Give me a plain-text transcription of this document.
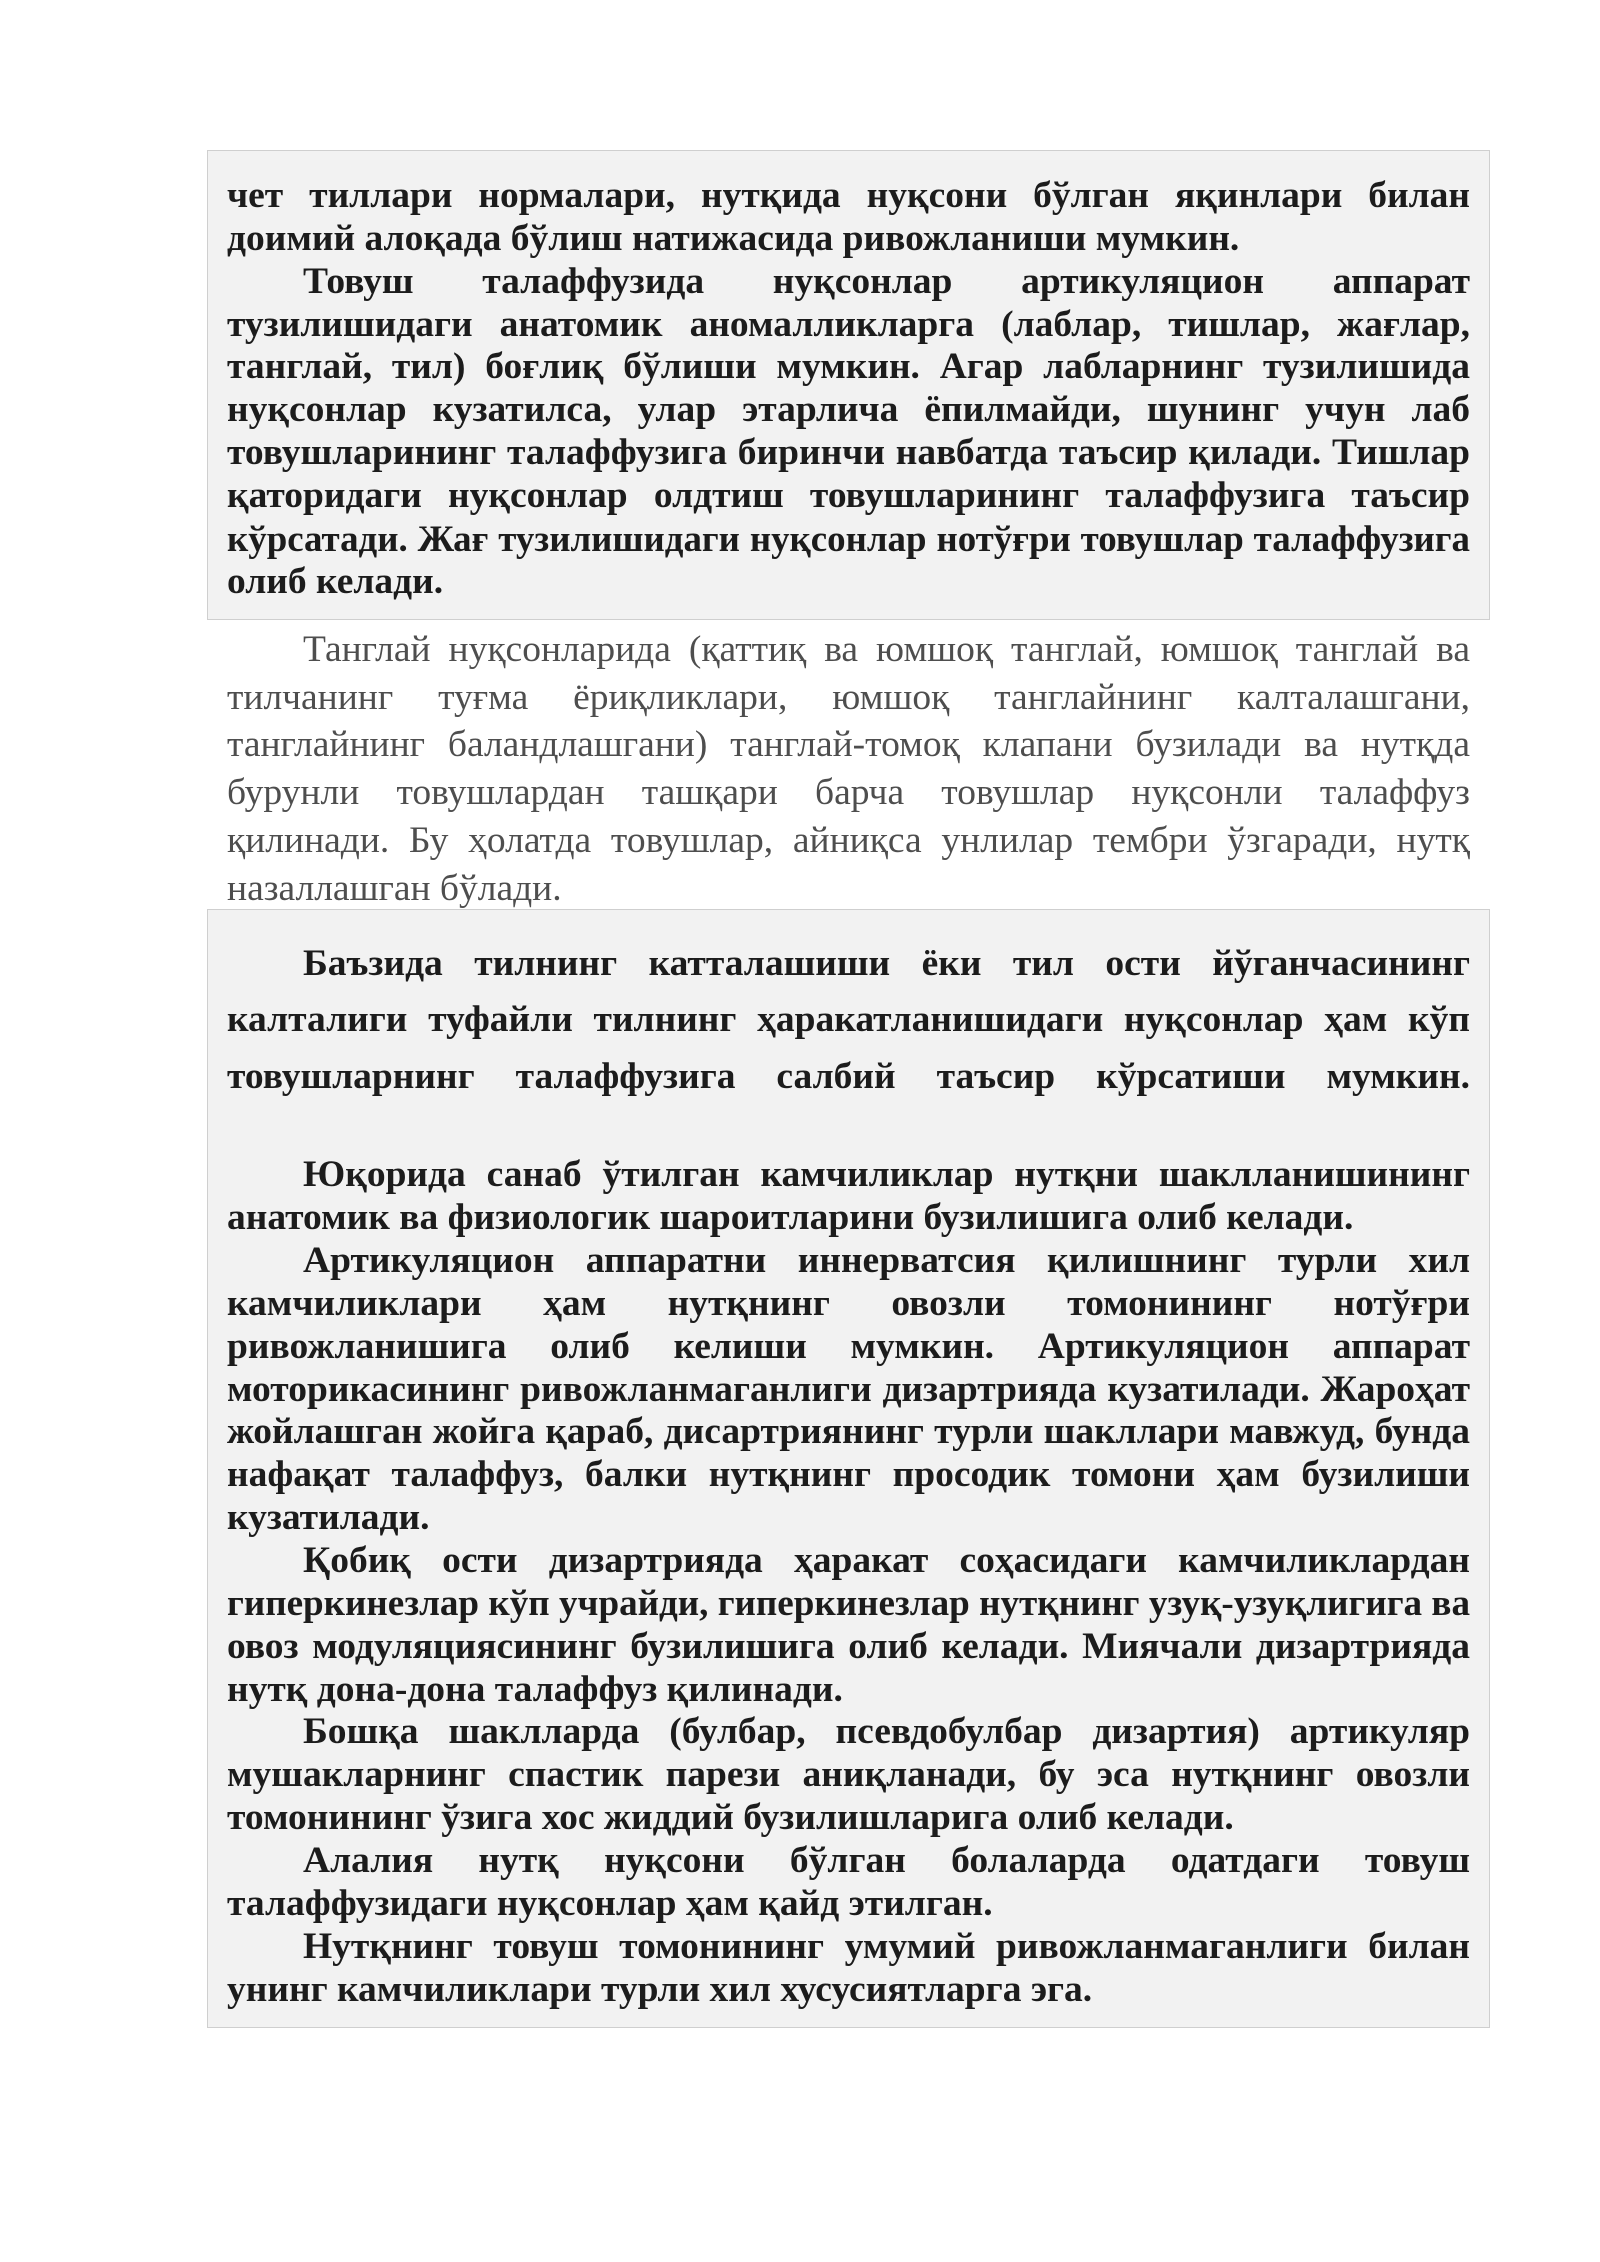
чет тиллари нормалари, нутқида нуқсони бўлган яқинлари билан
доимий алоқада бўлиш натижасида ривожланиши мумкин.
Товуш талаффузида нуқсонлар артикуляцион аппарат
тузилишидаги анатомик аномалликларга (лаблар, тишлар, жағлар,
танглай, тил) боғлиқ бўлиши мумкин. Агар лабларнинг тузилишида
нуқсонлар кузатилса, улар этарлича ёпилмайди, шунинг учун лаб
товушларининг талаффузига биринчи навбатда таъсир қилади. Тишлар
қаторидаги нуқсонлар олдтиш товушларининг талаффузига таъсир
кўрсатади. Жағ тузилишидаги нуқсонлар нотўғри товушлар талаффузига
олиб келади.
Танглай нуқсонларида (қаттиқ ва юмшоқ танглай, юмшоқ танглай ва
тилчанинг туғма ёриқликлари, юмшоқ танглайнинг калталашгани,
танглайнинг баландлашгани) танглай-томоқ клапани бузилади ва нутқда
бурунли товушлардан ташқари барча товушлар нуқсонли талаффуз
қилинади. Бу ҳолатда товушлар, айниқса унлилар тембри ўзгаради, нутқ
назаллашган бўлади.
Баъзида тилнинг катталашиши ёки тил ости йўганчасининг
калталиги туфайли тилнинг ҳаракатланишидаги нуқсонлар ҳам кўп
товушларнинг талаффузига салбий таъсир кўрсатиши мумкин.
Юқорида санаб ўтилган камчиликлар нутқни шаклланишининг
анатомик ва физиологик шароитларини бузилишига олиб келади.
Артикуляцион аппаратни иннерватсия қилишнинг турли хил
камчиликлари ҳам нутқнинг овозли томонининг нотўғри
ривожланишига олиб келиши мумкин. Артикуляцион аппарат
моторикасининг ривожланмаганлиги дизартрияда кузатилади. Жароҳат
жойлашган жойга қараб, дисартриянинг турли шакллари мавжуд, бунда
нафақат талаффуз, балки нутқнинг просодик томони ҳам бузилиши
кузатилади.
Қобиқ ости дизартрияда ҳаракат соҳасидаги камчиликлардан
гиперкинезлар кўп учрайди, гиперкинезлар нутқнинг узуқ-узуқлигига ва
овоз модуляциясининг бузилишига олиб келади. Миячали дизартрияда
нутқ дона-дона талаффуз қилинади.
Бошқа шаклларда (булбар, псевдобулбар дизартия) артикуляр
мушакларнинг спастик парези аниқланади, бу эса нутқнинг овозли
томонининг ўзига хос жиддий бузилишларига олиб келади.
Алалия нутқ нуқсони бўлган болаларда одатдаги товуш
талаффузидаги нуқсонлар ҳам қайд этилган.
Нутқнинг товуш томонининг умумий ривожланмаганлиги билан
унинг камчиликлари турли хил хусусиятларга эга.
